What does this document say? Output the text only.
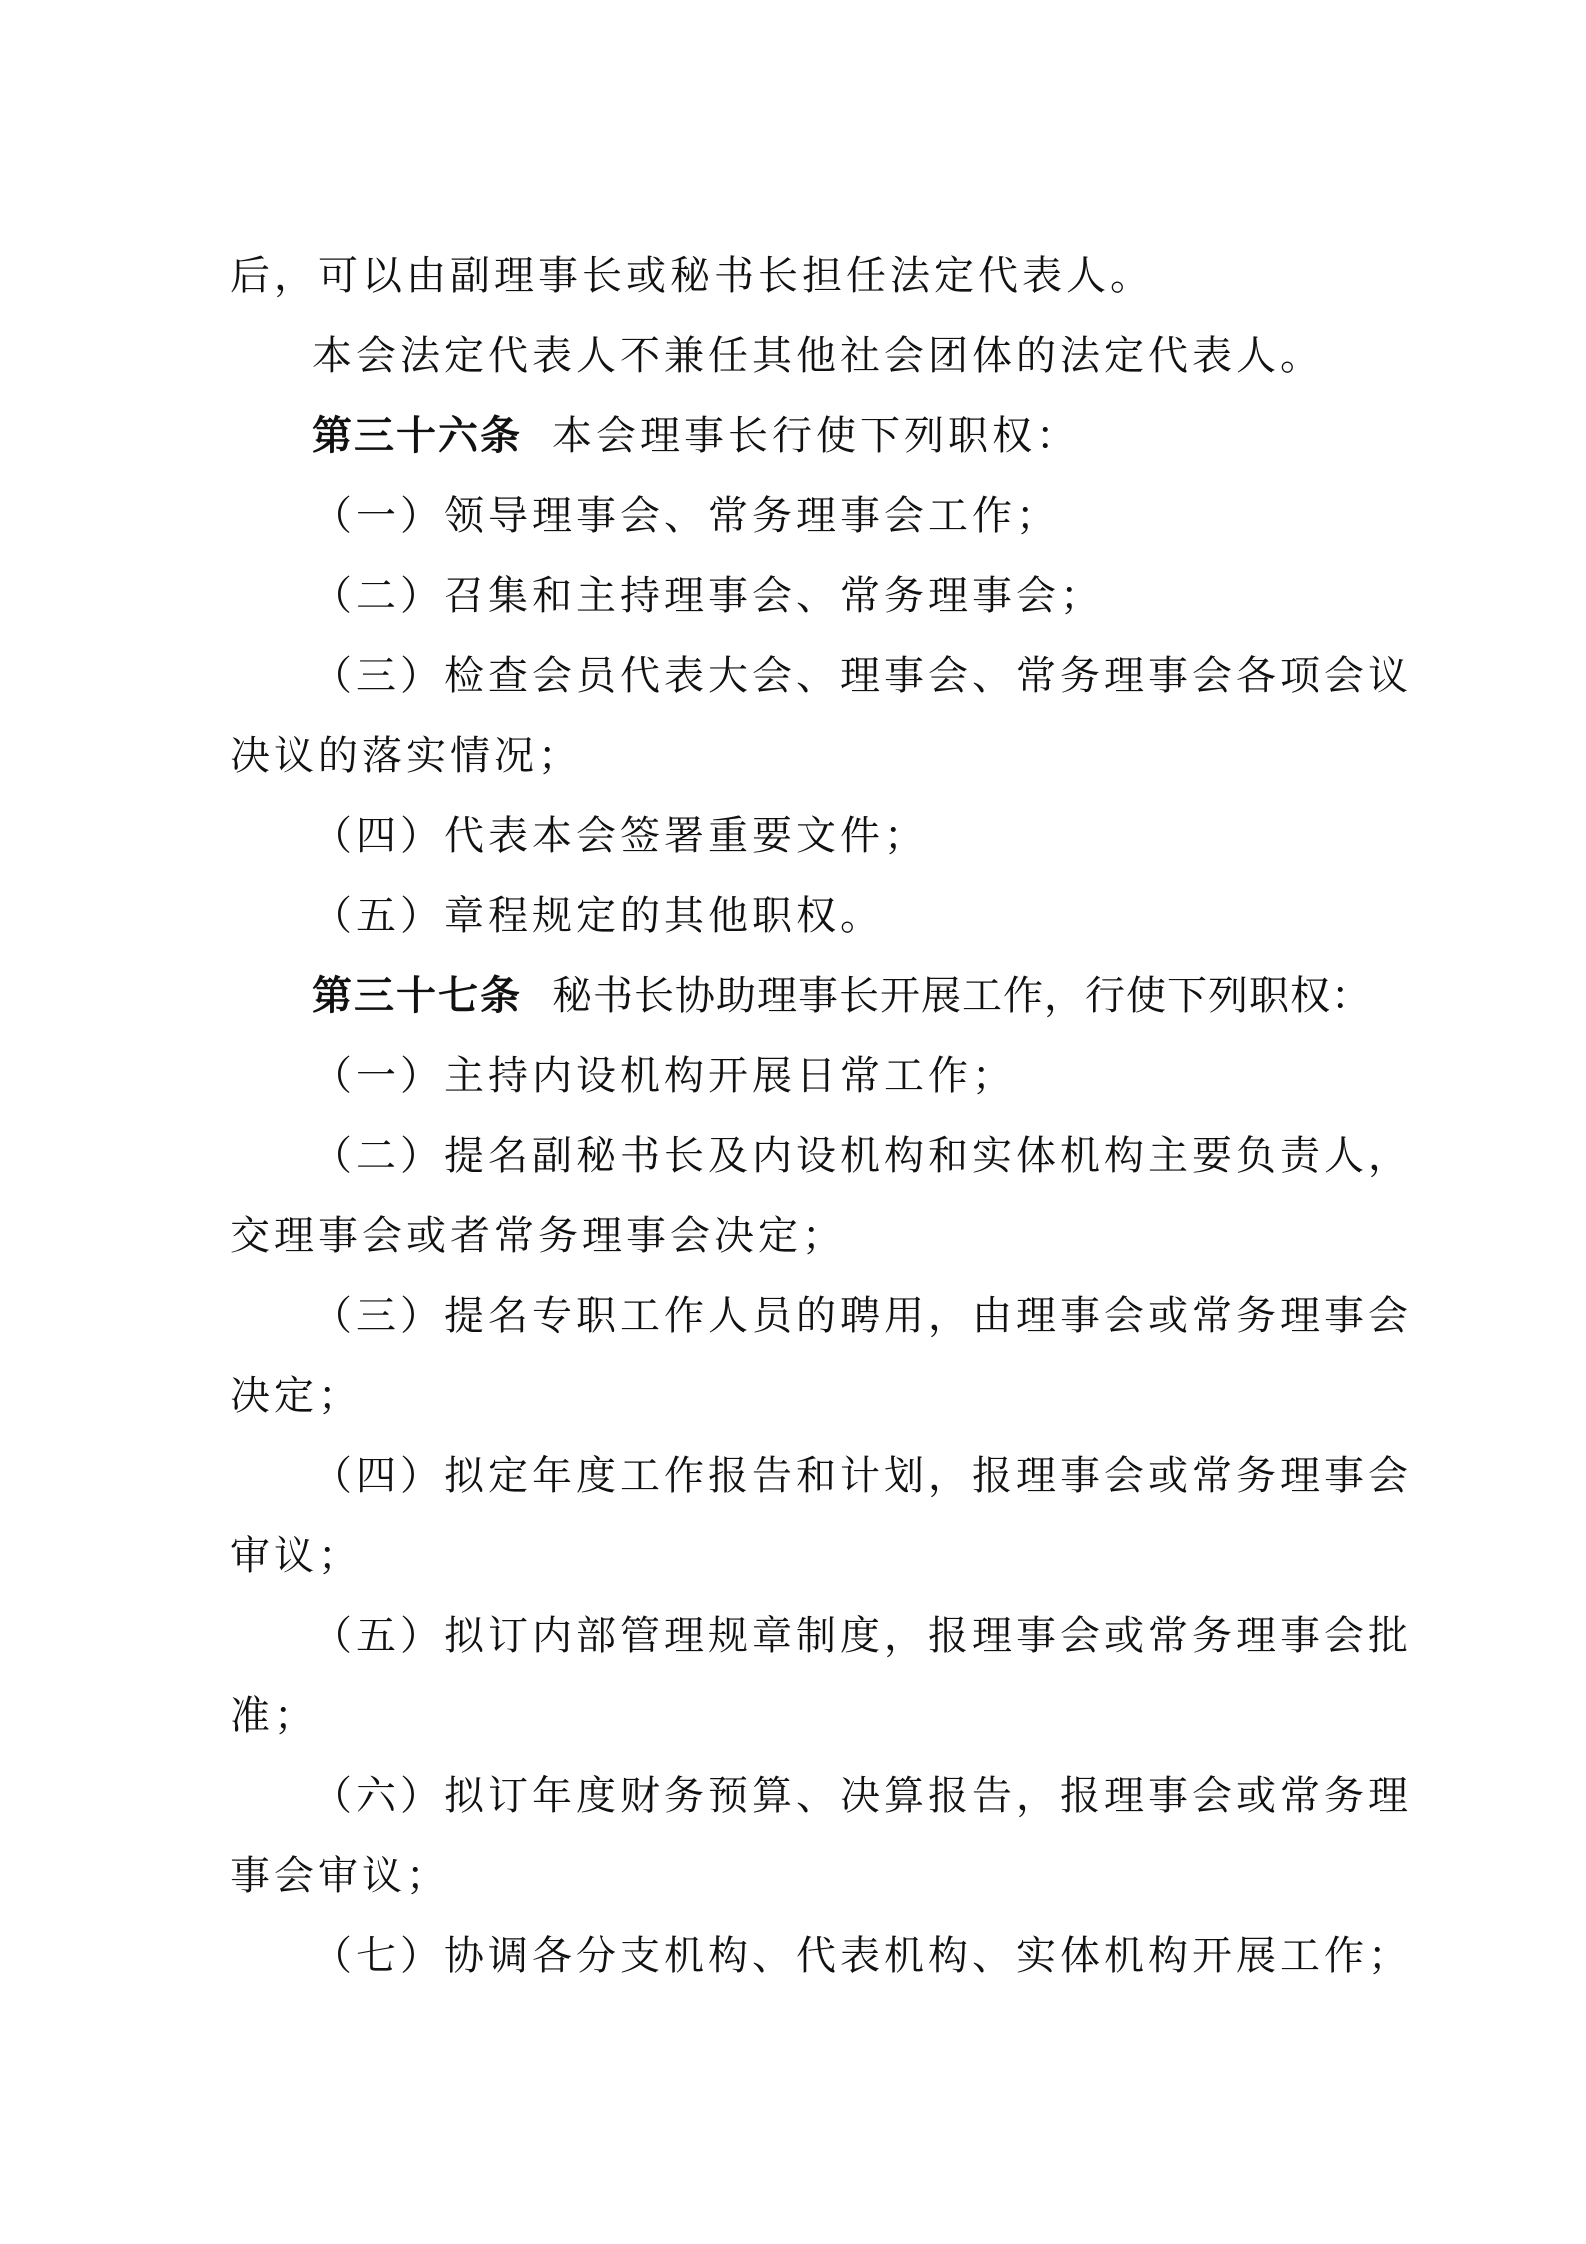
后，可以由副理事长或秘书长担任法定代表人。
本会法定代表人不兼任其他社会团体的法定代表人。
第三十六条 本会理事长行使下列职权：
（一）领导理事会、常务理事会工作；
（二）召集和主持理事会、常务理事会；
（三）检查会员代表大会、理事会、常务理事会各项会议
决议的落实情况；
（四）代表本会签署重要文件；
（五）章程规定的其他职权。
第三十七条 秘书长协助理事长开展工作，行使下列职权：
（一）主持内设机构开展日常工作；
（二）提名副秘书长及内设机构和实体机构主要负责人，
交理事会或者常务理事会决定；
（三）提名专职工作人员的聘用，由理事会或常务理事会
决定；
（四）拟定年度工作报告和计划，报理事会或常务理事会
审议；
（五）拟订内部管理规章制度，报理事会或常务理事会批
准；
（六）拟订年度财务预算、决算报告，报理事会或常务理
事会审议；
（七）协调各分支机构、代表机构、实体机构开展工作；
